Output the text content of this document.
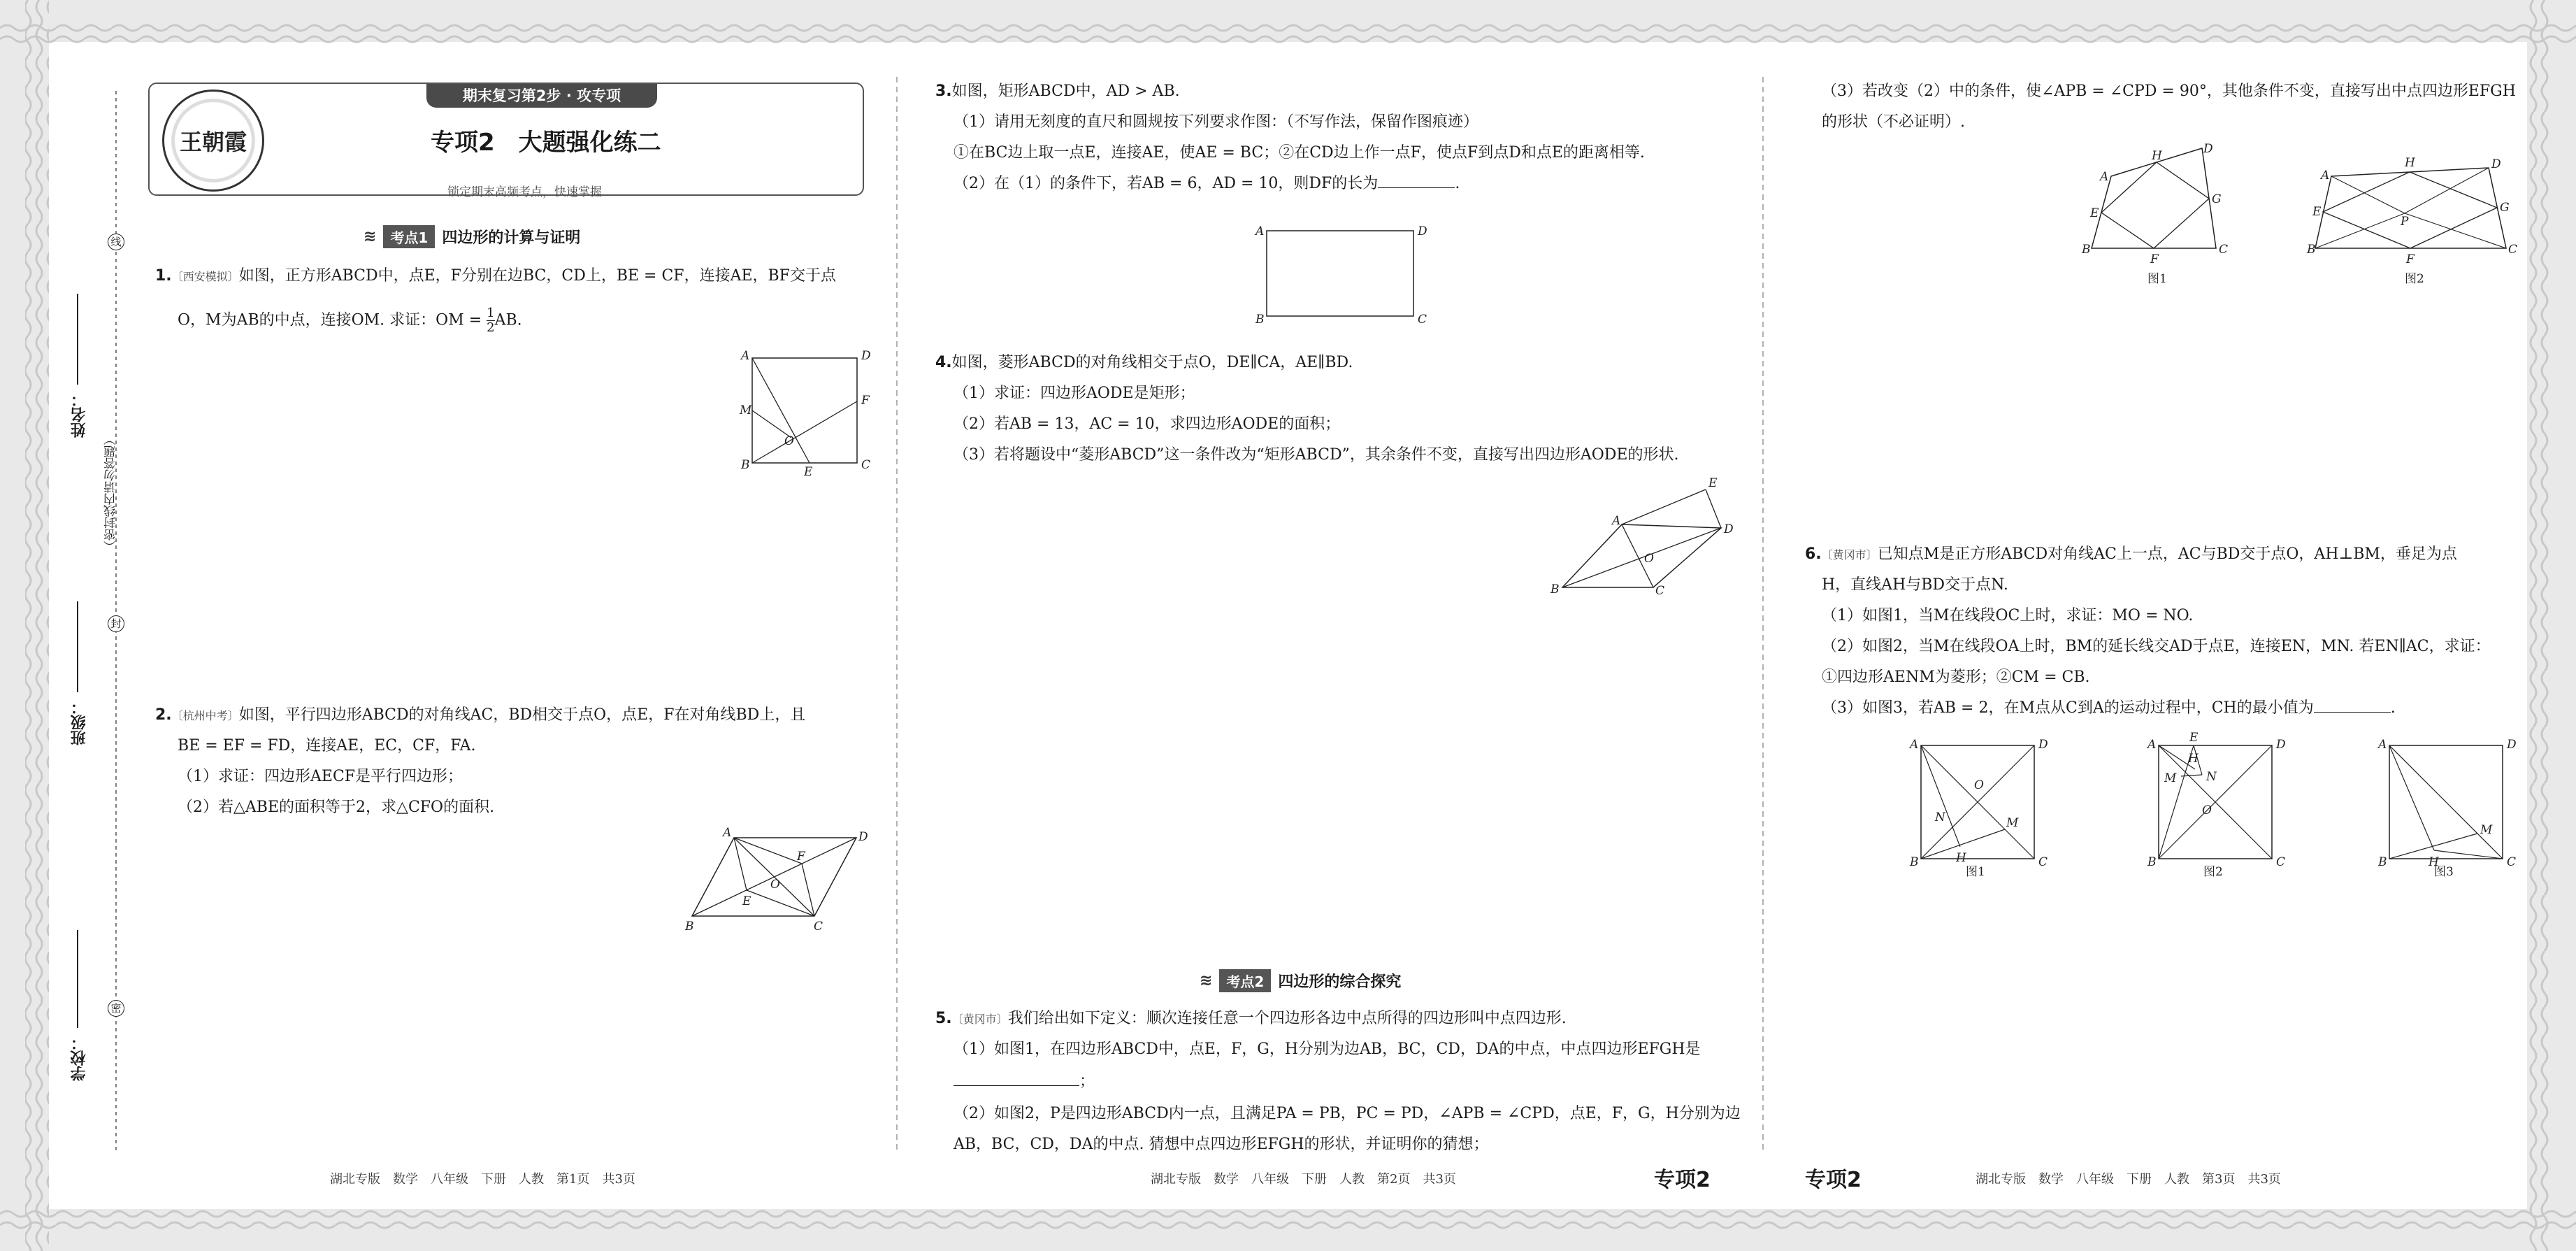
姓名：
班级：
学校：
（密封线内请勿答题）
线
封
密
期末复习第2步 · 攻专项
专项2　大题强化练二
锁定期末高频考点，快速掌握
王朝霞
≋	考点1 四边形的计算与证明
1.〔西安模拟〕如图，正方形ABCD中，点E，F分别在边BC，CD上，BE = CF，连接AE，BF交于点
O，M为AB的中点，连接OM. 求证：OM = $\frac{1}{2}$ AB.
A	D
B	C
M
F
O
E
2.〔杭州中考〕如图，平行四边形ABCD的对角线AC，BD相交于点O，点E，F在对角线BD上，且
BE = EF = FD，连接AE，EC，CF，FA.
（1）求证：四边形AECF是平行四边形；
（2）若△ABE的面积等于2，求△CFO的面积.
A	D
B	C
E
F
O
3.如图，矩形ABCD中，AD > AB.
（1）请用无刻度的直尺和圆规按下列要求作图：（不写作法，保留作图痕迹）
①在BC边上取一点E，连接AE，使AE = BC；②在CD边上作一点F，使点F到点D和点E的距离相等.
（2）在（1）的条件下，若AB = 6，AD = 10，则DF的长为	.
A	D
B	C
4.如图，菱形ABCD的对角线相交于点O，DE∥CA，AE∥BD.
（1）求证：四边形AODE是矩形；
（2）若AB = 13，AC = 10，求四边形AODE的面积；
（3）若将题设中“菱形ABCD”这一条件改为“矩形ABCD”，其余条件不变，直接写出四边形AODE的形状.
A
E
D
B	C
O
≋	考点2 四边形的综合探究
5.〔黄冈市〕我们给出如下定义：顺次连接任意一个四边形各边中点所得的四边形叫中点四边形.
（1）如图1，在四边形ABCD中，点E，F，G，H分别为边AB，BC，CD，DA的中点，中点四边形EFGH是
；
（2）如图2，P是四边形ABCD内一点，且满足PA = PB，PC = PD，∠APB = ∠CPD，点E，F，G，H分别为边
AB，BC，CD，DA的中点. 猜想中点四边形EFGH的形状，并证明你的猜想；
（3）若改变（2）中的条件，使∠APB = ∠CPD = 90°，其他条件不变，直接写出中点四边形EFGH
的形状（不必证明）.
A
D
B	C
H
G
F
E
图1
A
D
B	C
H
G
F
E
P
图2
6.〔黄冈市〕已知点M是正方形ABCD对角线AC上一点，AC与BD交于点O，AH⊥BM，垂足为点
H，直线AH与BD交于点N.
（1）如图1，当M在线段OC上时，求证：MO = NO.
（2）如图2，当M在线段OA上时，BM的延长线交AD于点E，连接EN，MN. 若EN∥AC，求证：
①四边形AENM为菱形；②CM = CB.
（3）如图3，若AB = 2，在M点从C到A的运动过程中，CH的最小值为	.
A	D
B	C
O
M
N
H
图1
A	D
B	C
E
H
M	N
O
图2
A	D
B	C
M
H
图3
湖北专版　数学　八年级　下册　人教　第1页　共3页	湖北专版　数学　八年级　下册　人教　第2页　共3页	专项2	专项2	湖北专版　数学　八年级　下册　人教　第3页　共3页
